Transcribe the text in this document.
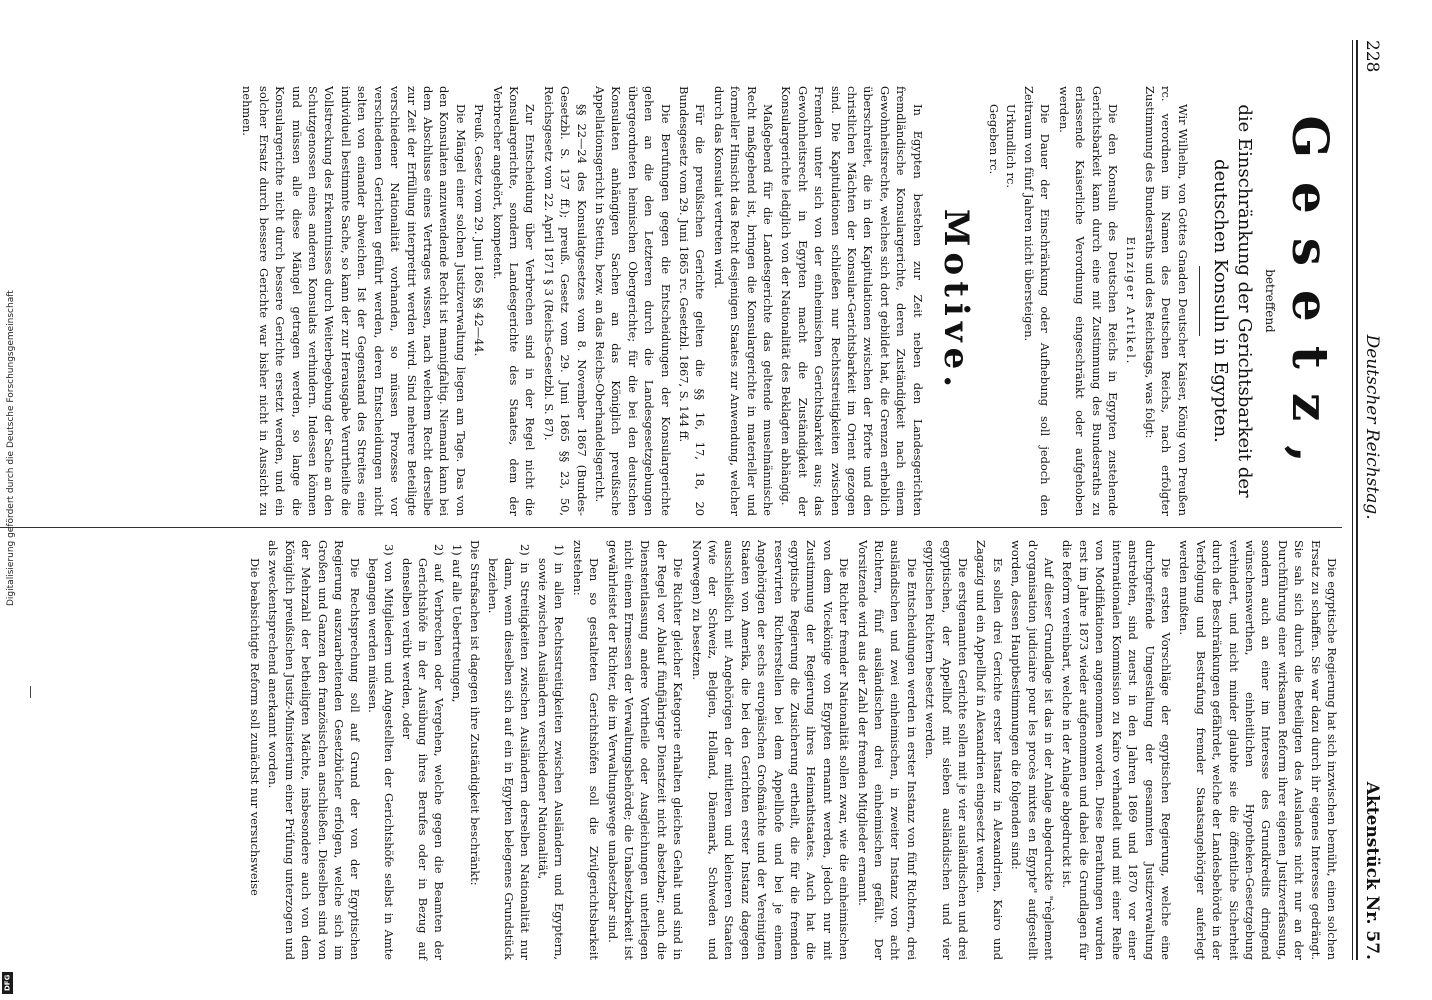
228
Deutscher Reichstag.
Aktenstück Nr. 57.
Gesetz,
betreffend
die Einschränkung der Gerichtsbarkeit der deutschen Konsuln in Egypten.

Wir Wilhelm, von Gottes Gnaden Deutscher Kaiser, König von Preußen rc. verordnen im Namen des Deutschen Reichs, nach erfolgter Zustimmung des Bundesraths und des Reichstags, was folgt:

Einziger Artikel.

Die den Konsuln des Deutschen Reichs in Egypten zustehende Gerichtsbarkeit kann durch eine mit Zustimmung des Bundesraths zu erlassende Kaiserliche Verordnung eingeschränkt oder aufgehoben werden.

Die Dauer der Einschränkung oder Aufhebung soll jedoch den Zeitraum von fünf Jahren nicht übersteigen.

Urkundlich rc.
Gegeben rc.
Motive.

In Egypten bestehen zur Zeit neben den Landesgerichten fremdländische Konsulargerichte, deren Zuständigkeit nach einem Gewohnheitsrechte, welches sich dort gebildet hat, die Grenzen erheblich überschreitet, die in den Kapitulationen zwischen der Pforte und den christlichen Mächten der Konsular-Gerichtsbarkeit im Orient gezogen sind. Die Kapitulationen schließen nur Rechtsstreitigkeiten zwischen Fremden unter sich von der einheimischen Gerichtsbarkeit aus; das Gewohnheitsrecht in Egypten macht die Zuständigkeit der Konsulargerichte lediglich von der Nationalität des Beklagten abhängig.

Maßgebend für die Landesgerichte das geltende muselmännische Recht maßgebend ist, bringen die Konsulargerichte in materieller und formeller Hinsicht das Recht desjenigen Staates zur Anwendung, welcher durch das Konsulat vertreten wird.

Für die preußischen Gerichte gelten die §§ 16, 17, 18, 20 Bundesgesetz vom 29. Juni 1865 rc. Gesetzbl. 1867, S. 144 ff.

Die Berufungen gegen die Entscheidungen der Konsulargerichte gehen an die den Letzteren durch die Landesgesetzgebungen übergeordneten heimischen Obergerichte; für die bei den deutschen Konsulaten anhängigen Sachen an das Königlich preußische Appellationsgericht in Stettin, bezw. an das Reichs-Oberhandelsgericht.

§§ 22—24 des Konsulatgesetzes vom 8. November 1867 (Bundes-Gesetzbl. S. 137 ff.); preuß. Gesetz vom 29. Juni 1865 §§ 23, 50, Reichsgesetz vom 22. April 1871 § 3 (Reichs-Gesetzbl. S. 87).

Zur Entscheidung über Verbrechen sind in der Regel nicht die Konsulargerichte, sondern Landesgerichte des Staates, dem der Verbrecher angehört, kompetent.

Preuß. Gesetz vom 29. Juni 1865 §§ 42—44.

Die Mängel einer solchen Justizverwaltung liegen am Tage. Das von den Konsulaten anzuwendende Recht ist mannigfaltig. Niemand kann bei dem Abschlusse eines Vertrages wissen, nach welchem Recht derselbe zur Zeit der Erfüllung interpretirt werden wird. Sind mehrere Beteiligte verschiedener Nationalität vorhanden, so müssen Prozesse vor verschiedenen Gerichten geführt werden, deren Entscheidungen nicht selten von einander abweichen. Ist der Gegenstand des Streites eine individuell bestimmte Sache, so kann der zur Herausgabe Verurtheilte die Vollstreckung des Erkenntnisses durch Weiterbegebung der Sache an den Schutzgenossen eines anderen Konsulats verhindern. Indessen können und müssen alle diese Mängel getragen werden, so lange die Konsulargerichte nicht durch bessere Gerichte ersetzt werden, und ein solcher Ersatz durch bessere Gerichte war bisher nicht in Aussicht zu nehmen.

Die egyptische Regierung hat sich inzwischen bemüht, einen solchen Ersatz zu schaffen. Sie war dazu durch ihr eigenes Interesse gedrängt. Sie sah sich durch die Beteiligten des Auslandes nicht nur an der Durchführung einer wirksamen Reform ihrer eigenen Justizverfassung, sondern auch an einer im Interesse des Grundkredits dringend wünschenswerthen, einheitlichen Hypotheken-Gesetzgebung verhindert, und nicht minder glaubte sie die öffentliche Sicherheit durch die Beschränkungen gefährdet, welche der Landesbehörde in der Verfolgung und Bestrafung fremder Staatsangehöriger auferlegt werden mußten.

Die ersten Vorschläge der egyptischen Regierung, welche eine durchgreifende Umgestaltung der gesammten Justizverwaltung anstrebten, sind zuerst in den Jahren 1869 und 1870 vor einer internationalen Kommission zu Kairo verhandelt und mit einer Reihe von Modifikationen angenommen worden. Diese Berathungen wurden erst im Jahre 1873 wieder aufgenommen und dabei die Grundlagen für die Reform vereinbart, welche in der Anlage abgedruckt ist.

Auf dieser Grundlage ist das in der Anlage abgedruckte "règlement d'organisation judiciaire pour les procès mixtes en Egypte" aufgestellt worden, dessen Hauptbestimmungen die folgenden sind:

Es sollen drei Gerichte erster Instanz in Alexandrien, Kairo und Zagazig und ein Appellhof in Alexandrien eingesetzt werden.

Die erstgenannten Gerichte sollen mit je vier ausländischen und drei egyptischen, der Appellhof mit sieben ausländischen und vier egyptischen Richtern besetzt werden.

Die Entscheidungen werden in erster Instanz von fünf Richtern, drei ausländischen und zwei einheimischen, in zweiter Instanz von acht Richtern, fünf ausländischen drei einheimischen gefällt. Der Vorsitzende wird aus der Zahl der fremden Mitglieder ernannt.

Die Richter fremder Nationalität sollen zwar, wie die einheimischen von dem Vicekönige von Egypten ernannt werden, jedoch nur mit Zustimmung der Regierung ihres Heimathstaates. Auch hat die egyptische Regierung die Zusicherung ertheilt, die für die fremden reservirten Richterstellen bei dem Appellhofe und bei je einem Angehörigen der sechs europäischen Großmächte und der Vereinigten Staaten von Amerika, die bei den Gerichten erster Instanz dagegen ausschließlich mit Angehörigen der mittleren und kleineren Staaten (wie der Schweiz, Belgien, Holland, Dänemark, Schweden und Norwegen) zu besetzen.

Die Richter gleicher Kategorie erhalten gleiches Gehalt und sind in der Regel vor Ablauf fünfjähriger Dienstzeit nicht absetzbar; auch die Dienstentlassung andere Vortheile oder Ausgleichungen unterliegen nicht einem Ermessen der Verwaltungsbehörde; die Unabsetzbarkeit ist gewährleistet der Richter, die im Verwaltungswege unabsetzbar sind.

Den so gestalteten Gerichtshöfen soll die Zivilgerichtsbarkeit zustehen:

1) in allen Rechtsstreitigkeiten zwischen Ausländern und Egyptern, sowie zwischen Ausländern verschiedener Nationalität,
2) in Streitigkeiten zwischen Ausländern derselben Nationalität nur dann, wenn dieselben sich auf ein in Egypten belegenes Grundstück beziehen.

Die Strafsachen ist dagegen ihre Zuständigkeit beschränkt:

1) auf alle Uebertretungen,
2) auf Verbrechen oder Vergehen, welche gegen die Beamten der Gerichtshöfe in der Ausübung ihres Berufes oder in Bezug auf denselben verübt werden, oder
3) von Mitgliedern und Angestellten der Gerichtshöfe selbst in Amte begangen werden müssen.

Die Rechtsprechung soll auf Grund der von der Egyptischen Regierung auszuarbeitenden Gesetzbücher erfolgen, welche sich im Großen und Ganzen den französischen anschließen. Dieselben sind von der Mehrzahl der betheiligten Mächte, insbesondere auch von dem Königlich preußischen Justiz-Ministerium einer Prüfung unterzogen und als zweckentsprechend anerkannt worden.

Die beabsichtigte Reform soll zunächst nur versuchsweise

Digitalisierung gefördert durch die Deutsche Forschungsgemeinschaft
DFG
